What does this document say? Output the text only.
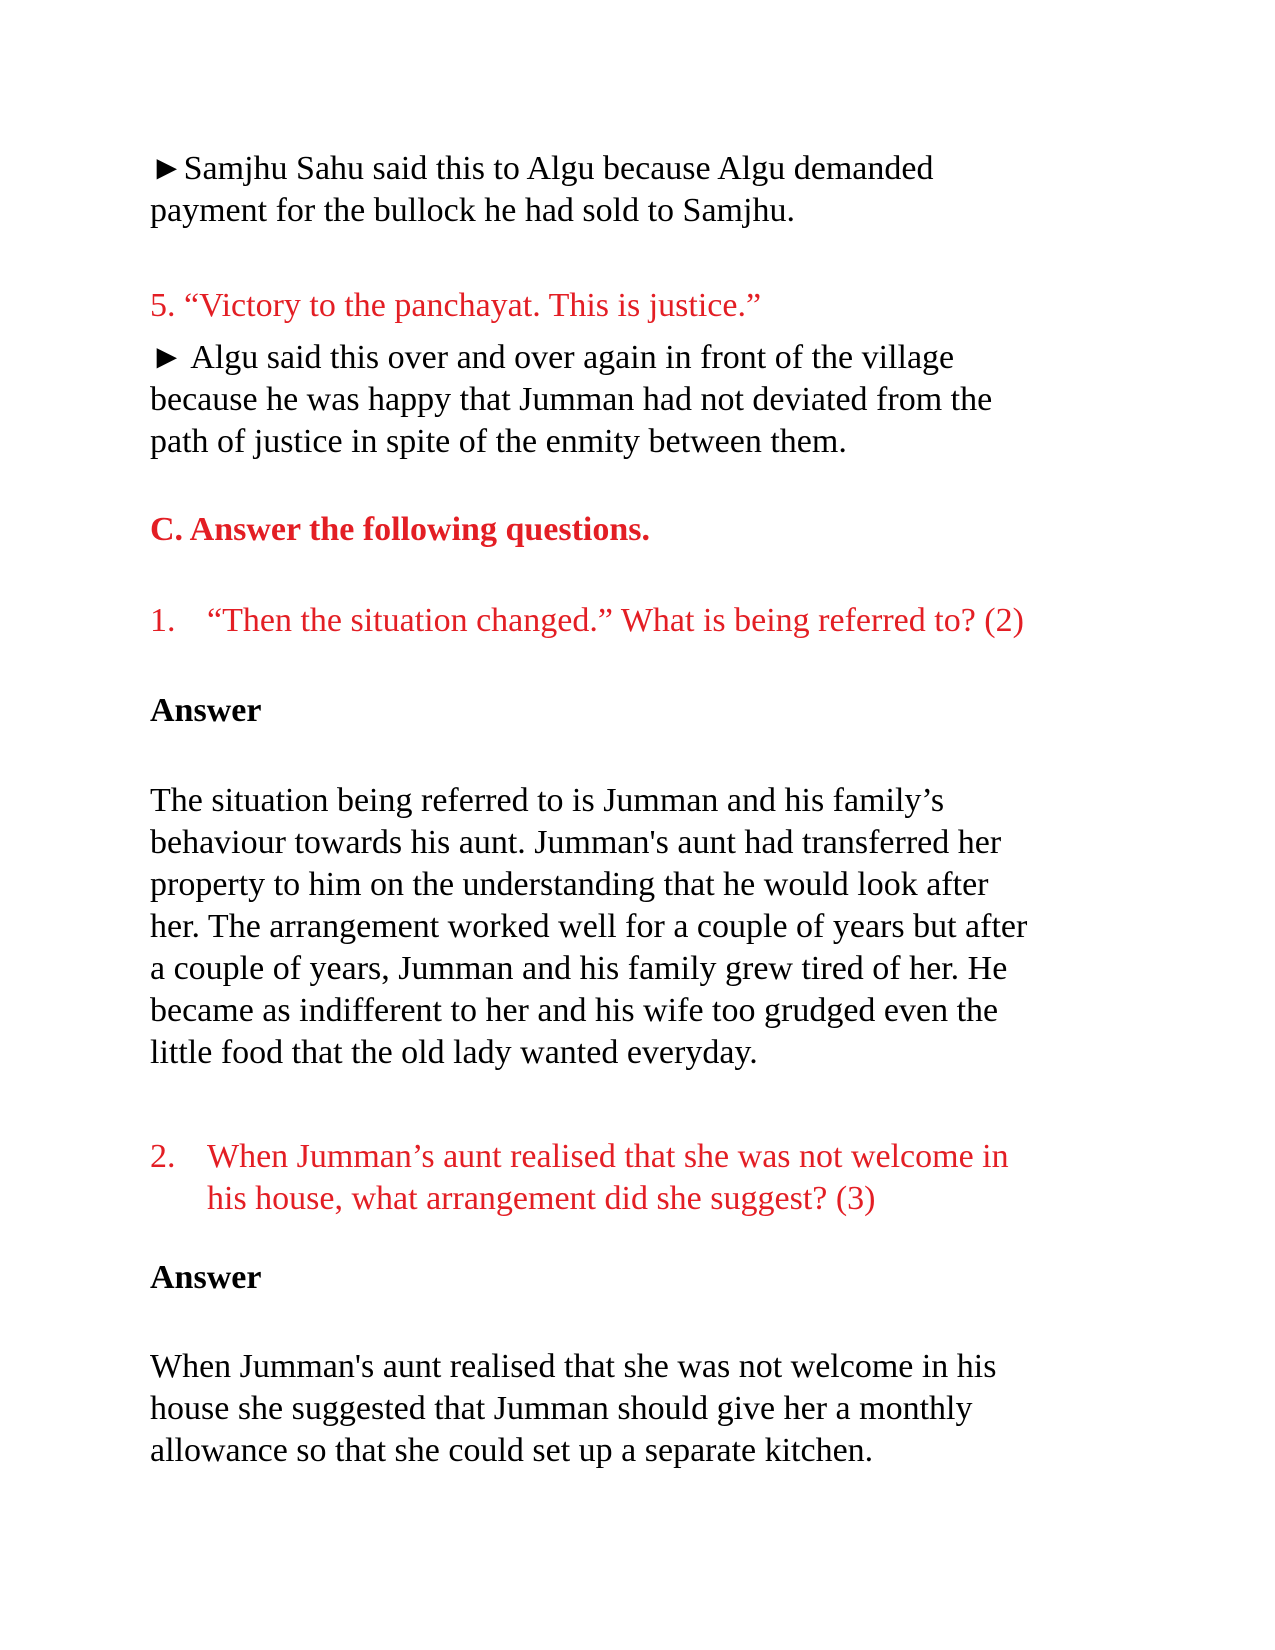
►Samjhu Sahu said this to Algu because Algu demanded
payment for the bullock he had sold to Samjhu.

5. “Victory to the panchayat. This is justice.”

► Algu said this over and over again in front of the village
because he was happy that Jumman had not deviated from the
path of justice in spite of the enmity between them.

C. Answer the following questions.

1. “Then the situation changed.” What is being referred to? (2)

Answer

The situation being referred to is Jumman and his family’s
behaviour towards his aunt. Jumman's aunt had transferred her
property to him on the understanding that he would look after
her. The arrangement worked well for a couple of years but after
a couple of years, Jumman and his family grew tired of her. He
became as indifferent to her and his wife too grudged even the
little food that the old lady wanted everyday.

2. When Jumman’s aunt realised that she was not welcome in
his house, what arrangement did she suggest? (3)

Answer

When Jumman's aunt realised that she was not welcome in his
house she suggested that Jumman should give her a monthly
allowance so that she could set up a separate kitchen.
